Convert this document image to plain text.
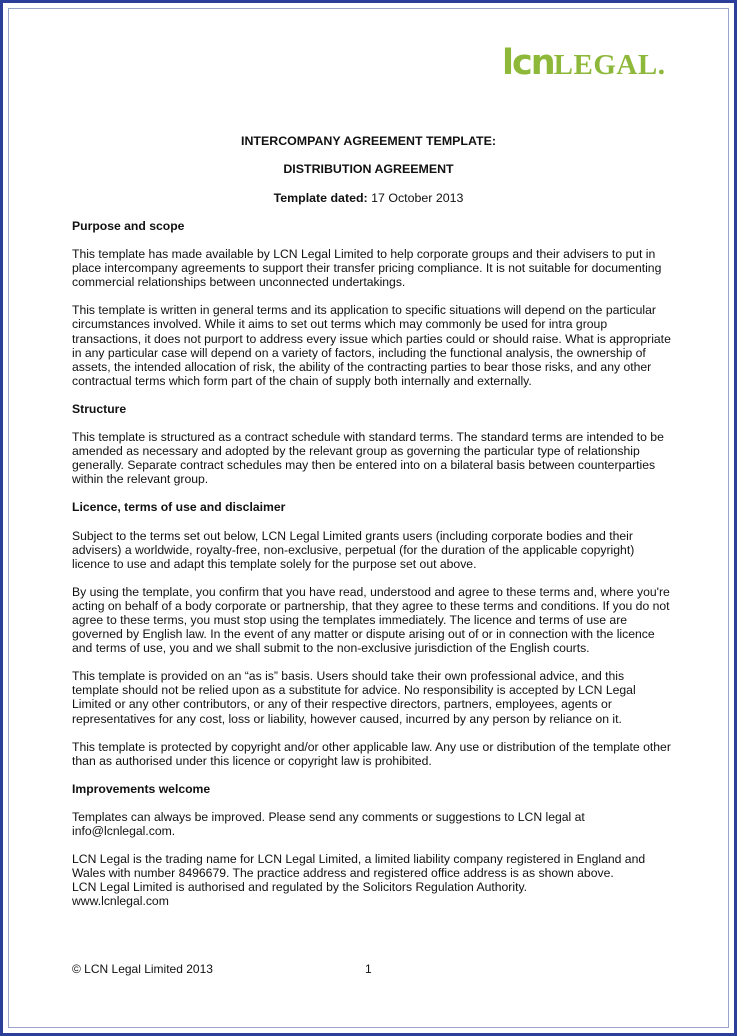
lcnLEGAL.

INTERCOMPANY AGREEMENT TEMPLATE:

DISTRIBUTION AGREEMENT

Template dated: 17 October 2013

Purpose and scope

This template has made available by LCN Legal Limited to help corporate groups and their advisers to put in place intercompany agreements to support their transfer pricing compliance. It is not suitable for documenting commercial relationships between unconnected undertakings.

This template is written in general terms and its application to specific situations will depend on the particular circumstances involved. While it aims to set out terms which may commonly be used for intra group transactions, it does not purport to address every issue which parties could or should raise. What is appropriate in any particular case will depend on a variety of factors, including the functional analysis, the ownership of assets, the intended allocation of risk, the ability of the contracting parties to bear those risks, and any other contractual terms which form part of the chain of supply both internally and externally.

Structure

This template is structured as a contract schedule with standard terms. The standard terms are intended to be amended as necessary and adopted by the relevant group as governing the particular type of relationship generally. Separate contract schedules may then be entered into on a bilateral basis between counterparties within the relevant group.

Licence, terms of use and disclaimer

Subject to the terms set out below, LCN Legal Limited grants users (including corporate bodies and their advisers) a worldwide, royalty-free, non-exclusive, perpetual (for the duration of the applicable copyright) licence to use and adapt this template solely for the purpose set out above.

By using the template, you confirm that you have read, understood and agree to these terms and, where you're acting on behalf of a body corporate or partnership, that they agree to these terms and conditions. If you do not agree to these terms, you must stop using the templates immediately. The licence and terms of use are governed by English law. In the event of any matter or dispute arising out of or in connection with the licence and terms of use, you and we shall submit to the non-exclusive jurisdiction of the English courts.

This template is provided on an “as is” basis. Users should take their own professional advice, and this template should not be relied upon as a substitute for advice. No responsibility is accepted by LCN Legal Limited or any other contributors, or any of their respective directors, partners, employees, agents or representatives for any cost, loss or liability, however caused, incurred by any person by reliance on it.

This template is protected by copyright and/or other applicable law. Any use or distribution of the template other than as authorised under this licence or copyright law is prohibited.

Improvements welcome

Templates can always be improved. Please send any comments or suggestions to LCN legal at info@lcnlegal.com.

LCN Legal is the trading name for LCN Legal Limited, a limited liability company registered in England and Wales with number 8496679. The practice address and registered office address is as shown above.
LCN Legal Limited is authorised and regulated by the Solicitors Regulation Authority.
www.lcnlegal.com

© LCN Legal Limited 2013	1
